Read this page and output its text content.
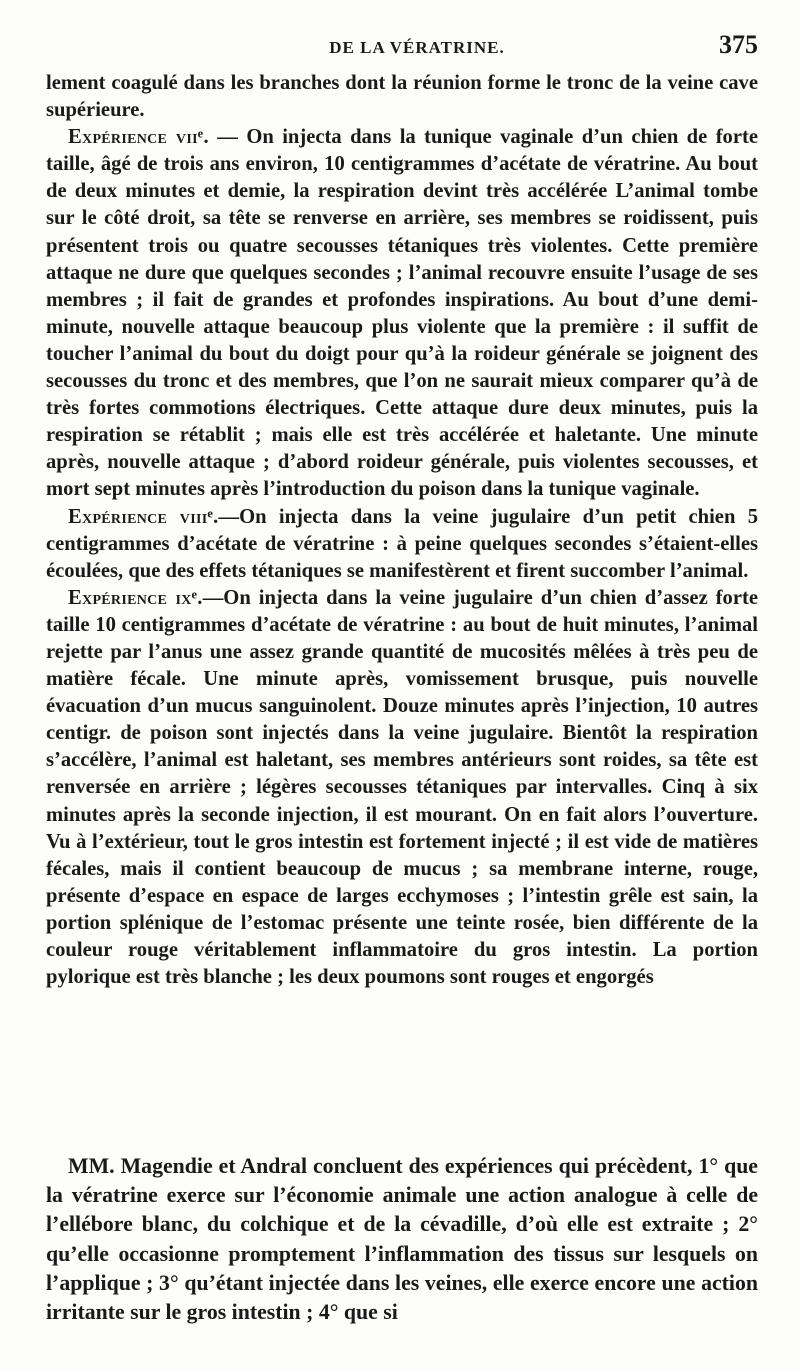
DE LA VÉRATRINE.	375

lement coagulé dans les branches dont la réunion forme le tronc de la veine cave supérieure.

Expérience viiᵉ. — On injecta dans la tunique vaginale d’un chien de forte taille, âgé de trois ans environ, 10 centigrammes d’acétate de vératrine. Au bout de deux minutes et demie, la respiration devint très accélérée L’animal tombe sur le côté droit, sa tête se renverse en arrière, ses membres se roidissent, puis présentent trois ou quatre secousses tétaniques très violentes. Cette première attaque ne dure que quelques secondes ; l’animal recouvre ensuite l’usage de ses membres ; il fait de grandes et profondes inspirations. Au bout d’une demi-minute, nouvelle attaque beaucoup plus violente que la première : il suffit de toucher l’animal du bout du doigt pour qu’à la roideur générale se joignent des secousses du tronc et des membres, que l’on ne saurait mieux comparer qu’à de très fortes commotions électriques. Cette attaque dure deux minutes, puis la respiration se rétablit ; mais elle est très accélérée et haletante. Une minute après, nouvelle attaque ; d’abord roideur générale, puis violentes secousses, et mort sept minutes après l’introduction du poison dans la tunique vaginale.

Expérience viiiᵉ.—On injecta dans la veine jugulaire d’un petit chien 5 centigrammes d’acétate de vératrine : à peine quelques secondes s’étaient-elles écoulées, que des effets tétaniques se manifestèrent et firent succomber l’animal.

Expérience ixᵉ.—On injecta dans la veine jugulaire d’un chien d’assez forte taille 10 centigrammes d’acétate de vératrine : au bout de huit minutes, l’animal rejette par l’anus une assez grande quantité de mucosités mêlées à très peu de matière fécale. Une minute après, vomissement brusque, puis nouvelle évacuation d’un mucus sanguinolent. Douze minutes après l’injection, 10 autres centigr. de poison sont injectés dans la veine jugulaire. Bientôt la respiration s’accélère, l’animal est haletant, ses membres antérieurs sont roides, sa tête est renversée en arrière ; légères secousses tétaniques par intervalles. Cinq à six minutes après la seconde injection, il est mourant. On en fait alors l’ouverture. Vu à l’extérieur, tout le gros intestin est fortement injecté ; il est vide de matières fécales, mais il contient beaucoup de mucus ; sa membrane interne, rouge, présente d’espace en espace de larges ecchymoses ; l’intestin grêle est sain, la portion splénique de l’estomac présente une teinte rosée, bien différente de la couleur rouge véritablement inflammatoire du gros intestin. La portion pylorique est très blanche ; les deux poumons sont rouges et engorgés

MM. Magendie et Andral concluent des expériences qui précèdent, 1° que la vératrine exerce sur l’économie animale une action analogue à celle de l’ellébore blanc, du colchique et de la cévadille, d’où elle est extraite ; 2° qu’elle occasionne promptement l’inflammation des tissus sur lesquels on l’applique ; 3° qu’étant injectée dans les veines, elle exerce encore une action irritante sur le gros intestin ; 4° que si
